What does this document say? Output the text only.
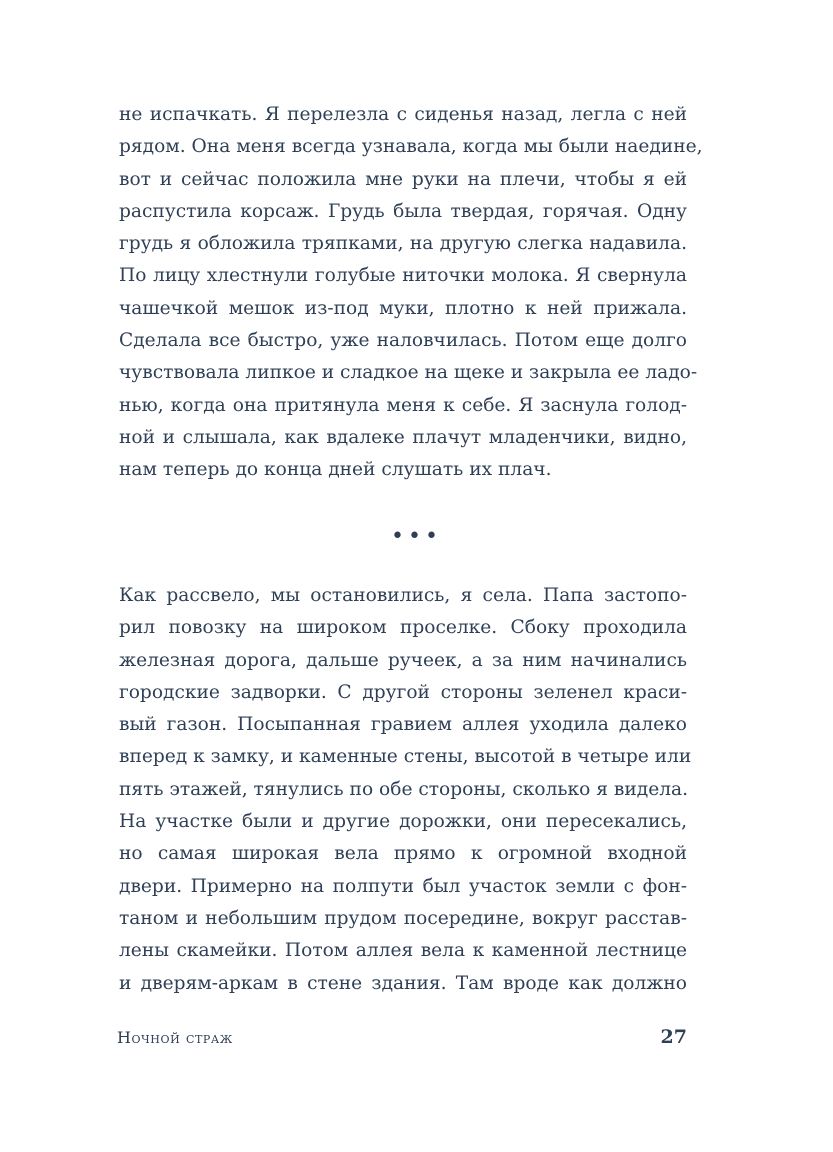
не испачкать. Я перелезла с сиденья назад, легла с ней
рядом. Она меня всегда узнавала, когда мы были наедине,
вот и сейчас положила мне руки на плечи, чтобы я ей
распустила корсаж. Грудь была твердая, горячая. Одну
грудь я обложила тряпками, на другую слегка надавила.
По лицу хлестнули голубые ниточки молока. Я свернула
чашечкой мешок из-под муки, плотно к ней прижала.
Сделала все быстро, уже наловчилась. Потом еще долго
чувствовала липкое и сладкое на щеке и закрыла ее ладо-
нью, когда она притянула меня к себе. Я заснула голод-
ной и слышала, как вдалеке плачут младенчики, видно,
нам теперь до конца дней слушать их плач.
•••
Как рассвело, мы остановились, я села. Папа застопо-
рил повозку на широком проселке. Сбоку проходила
железная дорога, дальше ручеек, а за ним начинались
городские задворки. С другой стороны зеленел краси-
вый газон. Посыпанная гравием аллея уходила далеко
вперед к замку, и каменные стены, высотой в четыре или
пять этажей, тянулись по обе стороны, сколько я видела.
На участке были и другие дорожки, они пересекались,
но самая широкая вела прямо к огромной входной
двери. Примерно на полпути был участок земли с фон-
таном и небольшим прудом посередине, вокруг расстав-
лены скамейки. Потом аллея вела к каменной лестнице
и дверям-аркам в стене здания. Там вроде как должно
Ночной страж	27
